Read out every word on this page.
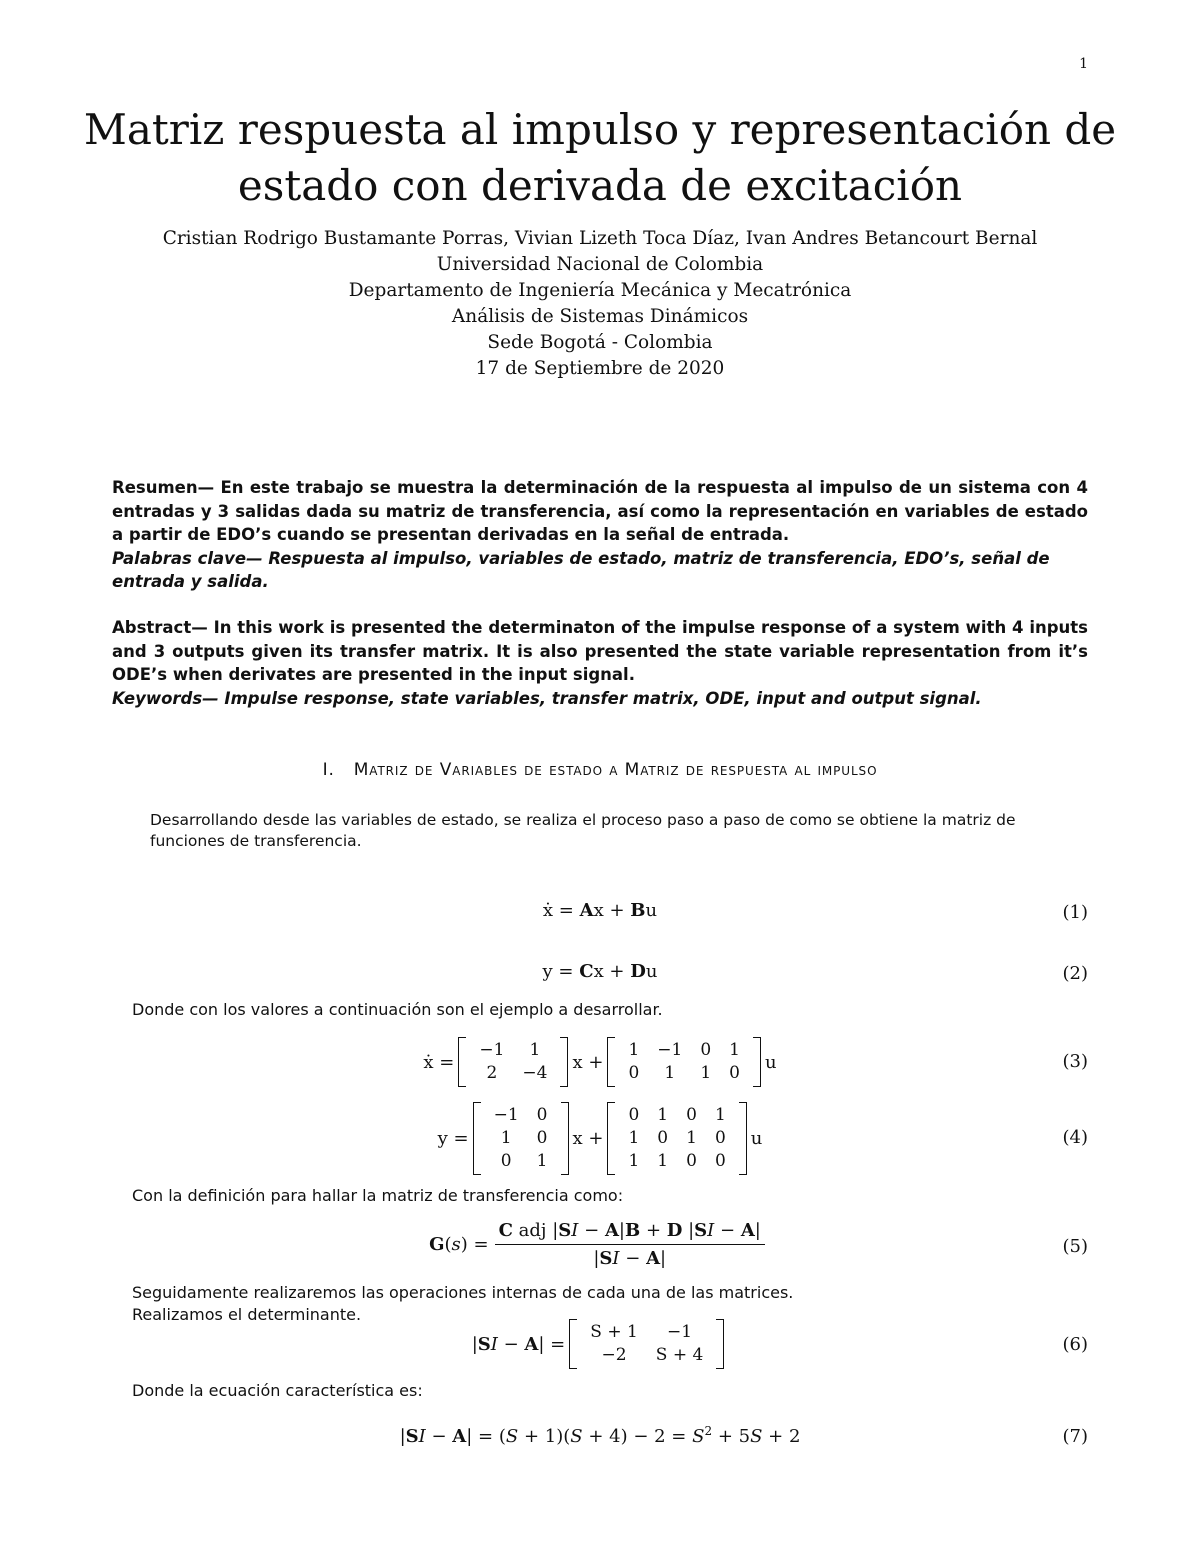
1
Matriz respuesta al impulso y representación de
estado con derivada de excitación
Cristian Rodrigo Bustamante Porras, Vivian Lizeth Toca Díaz, Ivan Andres Betancourt Bernal
Universidad Nacional de Colombia
Departamento de Ingeniería Mecánica y Mecatrónica
Análisis de Sistemas Dinámicos
Sede Bogotá - Colombia
17 de Septiembre de 2020
Resumen— En este trabajo se muestra la determinación de la respuesta al impulso de un sistema con 4 entradas y 3 salidas dada su matriz de transferencia, así como la representación en variables de estado a partir de EDO’s cuando se presentan derivadas en la señal de entrada.
Palabras clave— Respuesta al impulso, variables de estado, matriz de transferencia, EDO’s, señal de entrada y salida.
Abstract— In this work is presented the determinaton of the impulse response of a system with 4 inputs and 3 outputs given its transfer matrix. It is also presented the state variable representation from it’s ODE’s when derivates are presented in the input signal.
Keywords— Impulse response, state variables, transfer matrix, ODE, input and output signal.
I. Matriz de Variables de estado a Matriz de respuesta al impulso
Desarrollando desde las variables de estado, se realiza el proceso paso a paso de como se obtiene la matriz de funciones de transferencia.
ẋ = Ax + Bu	(1)
y = Cx + Du	(2)
Donde con los valores a continuación son el ejemplo a desarrollar.
ẋ =
−1	1
2	−4
x +
1	−1	0	1
0	1	1	0
u	(3)
y =
−1	0
1	0
0	1
x +
0	1	0	1
1	0	1	0
1	1	0	0
u	(4)
Con la definición para hallar la matriz de transferencia como:
$G(s) = \frac{\text{C adj |SI − A|B + D |SI − A|}}{|SI - A|}$	(5)
Seguidamente realizaremos las operaciones internas de cada una de las matrices.
Realizamos el determinante.
|SI − A| =
S + 1	−1
−2	S + 4	(6)
Donde la ecuación característica es:
$|SI - A| = (S + 1)(S + 4) - 2 = S^2 + 5S + 2$	(7)
